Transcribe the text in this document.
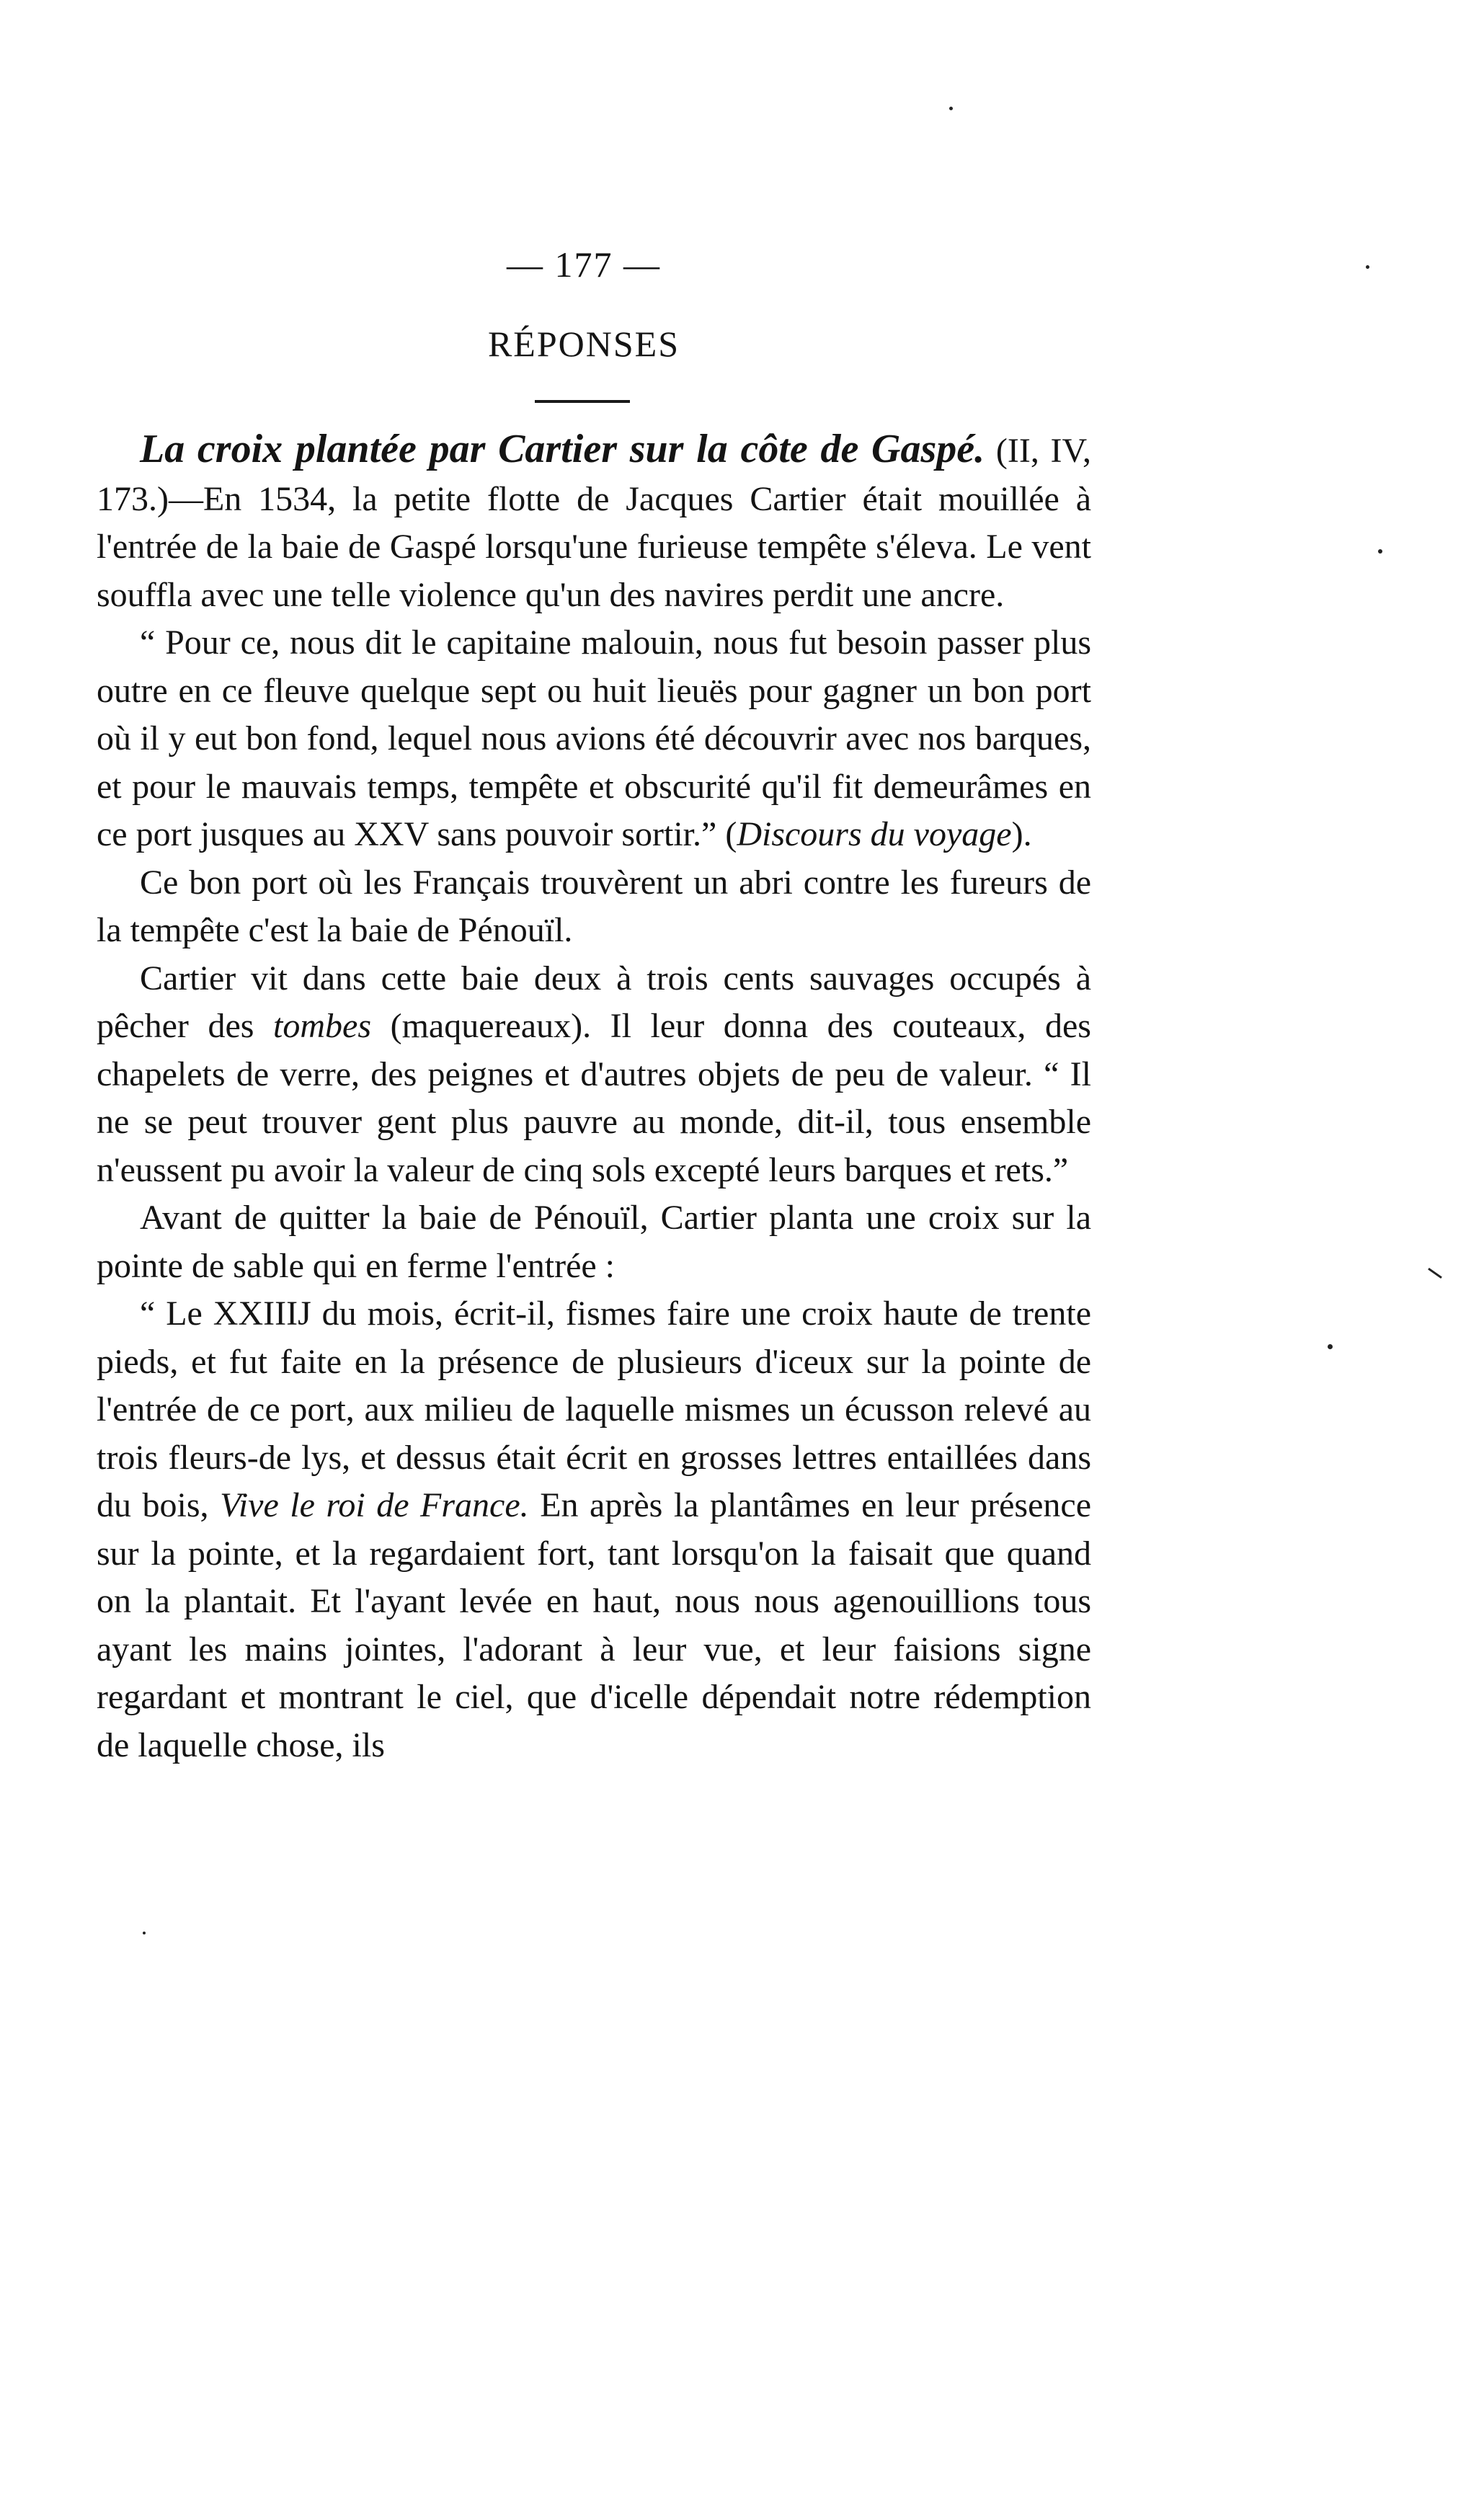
— 177 —
RÉPONSES

La croix plantée par Cartier sur la côte de Gaspé. (II, IV, 173.)—En 1534, la petite flotte de Jacques Cartier était mouillée à l'entrée de la baie de Gaspé lorsqu'une furieuse tempête s'éleva. Le vent souffla avec une telle violence qu'un des navires perdit une ancre.

“ Pour ce, nous dit le capitaine malouin, nous fut besoin passer plus outre en ce fleuve quelque sept ou huit lieuës pour gagner un bon port où il y eut bon fond, lequel nous avions été découvrir avec nos barques, et pour le mauvais temps, tempête et obscurité qu'il fit demeurâmes en ce port jusques au XXV sans pouvoir sortir.” (Discours du voyage).

Ce bon port où les Français trouvèrent un abri contre les fureurs de la tempête c'est la baie de Pénouïl.

Cartier vit dans cette baie deux à trois cents sauvages occupés à pêcher des tombes (maquereaux). Il leur donna des couteaux, des chapelets de verre, des peignes et d'autres objets de peu de valeur. “ Il ne se peut trouver gent plus pauvre au monde, dit-il, tous ensemble n'eussent pu avoir la valeur de cinq sols excepté leurs barques et rets.”

Avant de quitter la baie de Pénouïl, Cartier planta une croix sur la pointe de sable qui en ferme l'entrée :

“ Le XXIIIJ du mois, écrit-il, fismes faire une croix haute de trente pieds, et fut faite en la présence de plusieurs d'iceux sur la pointe de l'entrée de ce port, aux milieu de laquelle mismes un écusson relevé au trois fleurs-de lys, et dessus était écrit en grosses lettres entaillées dans du bois, Vive le roi de France. En après la plantâmes en leur présence sur la pointe, et la regardaient fort, tant lorsqu'on la faisait que quand on la plantait. Et l'ayant levée en haut, nous nous agenouillions tous ayant les mains jointes, l'adorant à leur vue, et leur faisions signe regardant et montrant le ciel, que d'icelle dépendait notre rédemption de laquelle chose, ils
